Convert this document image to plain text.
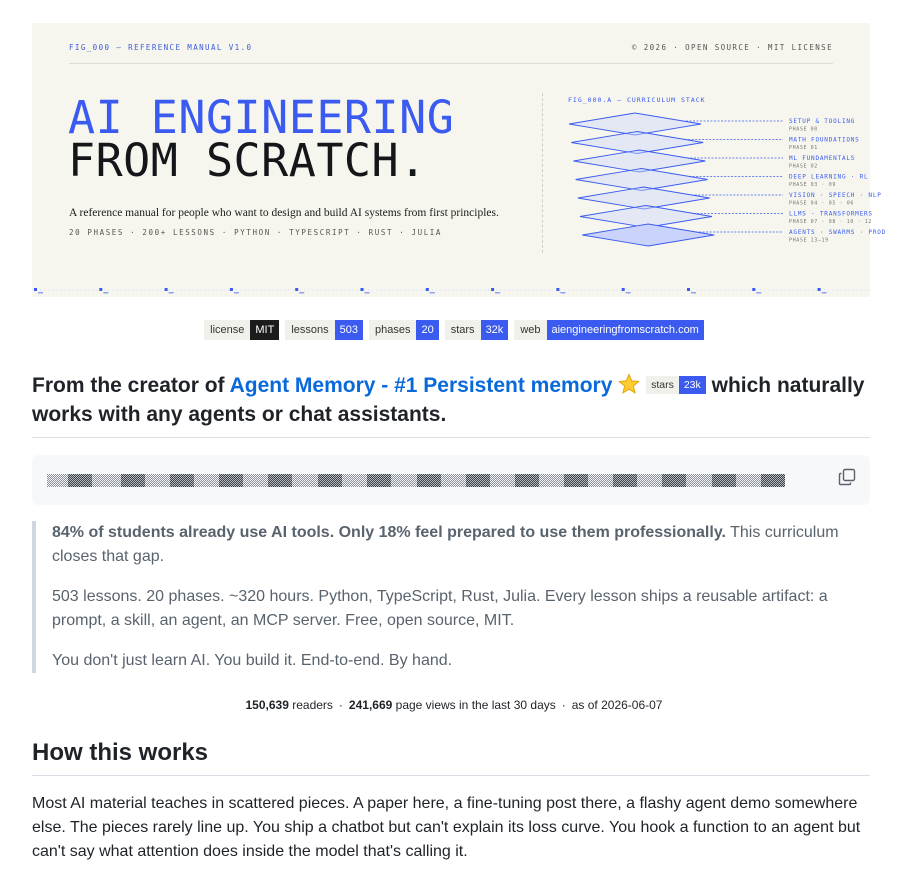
FIG_000 — REFERENCE MANUAL V1.0	© 2026 · OPEN SOURCE · MIT LICENSE
AI ENGINEERING
FROM SCRATCH.
A reference manual for people who want to design and build AI systems from first principles.
20 PHASES · 200+ LESSONS · PYTHON · TYPESCRIPT · RUST · JULIA
FIG_000.A — CURRICULUM STACK
SETUP & TOOLING
PHASE 00
MATH FOUNDATIONS
PHASE 01
ML FUNDAMENTALS
PHASE 02
DEEP LEARNING · RL
PHASE 03 · 09
VISION · SPEECH · NLP
PHASE 04 · 05 · 06
LLMS · TRANSFORMERS
PHASE 07 · 08 · 10 · 12
AGENTS · SWARMS · PROD
PHASE 13–19
license	MIT	lessons	503	phases	20	stars	32k	web	aiengineeringfromscratch.com
From the creator of Agent Memory - #1 Persistent memory	stars 23k which naturally works with any agents or chat assistants.

84% of students already use AI tools. Only 18% feel prepared to use them professionally. This curriculum closes that gap.

503 lessons. 20 phases. ~320 hours. Python, TypeScript, Rust, Julia. Every lesson ships a reusable artifact: a prompt, a skill, an agent, an MCP server. Free, open source, MIT.

You don't just learn AI. You build it. End-to-end. By hand.

150,639 readers · 241,669 page views in the last 30 days · as of 2026-06-07
How this works
Most AI material teaches in scattered pieces. A paper here, a fine-tuning post there, a flashy agent demo somewhere else. The pieces rarely line up. You ship a chatbot but can't explain its loss curve. You hook a function to an agent but can't say what attention does inside the model that's calling it.
